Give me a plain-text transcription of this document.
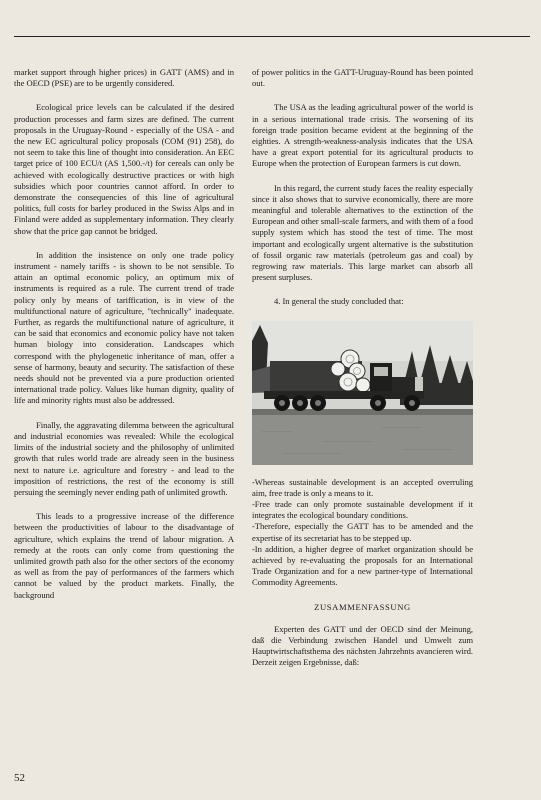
market support through higher prices) in GATT (AMS) and in the OECD (PSE) are to be urgently considered.

Ecological price levels can be calculated if the desired production processes and farm sizes are defined. The current proposals in the Uruguay-Round - especially of the USA - and the new EC agricultural policy proposals (COM (91) 258), do not seem to take this line of thought into consideration. An EEC target price of 100 ECU/t (AS 1,500.-/t) for cereals can only be achieved with ecologically destructive practices or with high subsidies which poor countries cannot afford. In order to demonstrate the consequencies of this line of agricultural politics, full costs for barley produced in the Swiss Alps and in Finland were added as supplementary information. They clearly show that the price gap cannot be bridged.

In addition the insistence on only one trade policy instrument - namely tariffs - is shown to be not sensible. To attain an optimal economic policy, an optimum mix of instruments is required as a rule. The current trend of trade policy only by means of tariffication, is in view of the multifunctional nature of agriculture, "technically" inadequate. Further, as regards the multifunctional nature of agriculture, it can be said that economics and economic policy have not taken human biology into consideration. Landscapes which correspond with the phylogenetic inheritance of man, offer a sense of harmony, beauty and security. The satisfaction of these needs should not be prevented via a pure production oriented international trade policy. Values like human dignity, quality of life and minority rights must also be addressed.

Finally, the aggravating dilemma between the agricultural and industrial economies was revealed: While the ecological limits of the industrial society and the philosophy of unlimited growth that rules world trade are already seen in the business next to nature i.e. agriculture and forestry - and lead to the imposition of restrictions, the rest of the economy is still persuing the seemingly never ending path of unlimited growth.

This leads to a progressive increase of the difference between the productivities of labour to the disadvantage of agriculture, which explains the trend of labour migration. A remedy at the roots can only come from questioning the unlimited growth path also for the other sectors of the economy as well as from the pay of performances of the farmers which cannot be valued by the product markets. Finally, the background

of power politics in the GATT-Uruguay-Round has been pointed out.

The USA as the leading agricultural power of the world is in a serious international trade crisis. The worsening of its foreign trade position became evident at the beginning of the eighties. A strength-weakness-analysis indicates that the USA have a great export potential for its agricultural products to Europe when the protection of European farmers is cut down.

In this regard, the current study faces the reality especially since it also shows that to survive economically, there are more meaningful and tolerable alternatives to the extinction of the European and other small-scale farmers, and with them of a food supply system which has stood the test of time. The most important and ecologically urgent alternative is the substitution of fossil organic raw materials (petroleum gas and coal) by regrowing raw materials. This large market can absorb all present surpluses.

4. In general the study concluded that:

-Whereas sustainable development is an accepted overruling aim, free trade is only a means to it.

-Free trade can only promote sustainable development if it integrates the ecological boundary conditions.

-Therefore, especially the GATT has to be amended and the expertise of its secretariat has to be stepped up.

-In addition, a higher degree of market organization should be achieved by re-evaluating the proposals for an International Trade Organization and for a new partner-type of International Commodity Agreements.

ZUSAMMENFASSUNG

Experten des GATT und der OECD sind der Meinung, daß die Verbindung zwischen Handel und Umwelt zum Hauptwirtschaftsthema des nächsten Jahrzehnts avancieren wird. Derzeit zeigen Ergebnisse, daß:

52
